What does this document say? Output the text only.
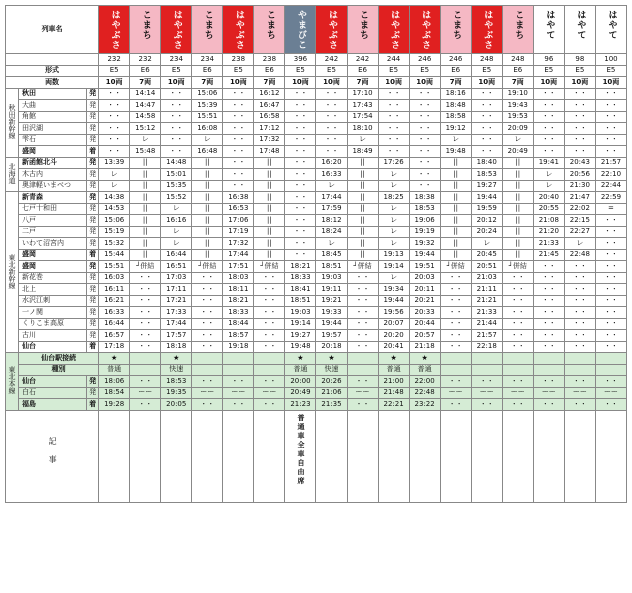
列車名			はやぶさ	こまち	はやぶさ	こまち	はやぶさ	こまち	やまびこ	はやぶさ	こまち	はやぶさ	はやぶさ	こまち	はやぶさ	こまち	はやて	はやて	はやて
			232	232	234	234	238	238	396	242	242	244	246	246	248	248	96	98	100
形式			E5	E6	E5	E6	E5	E6	E5	E5	E6	E5	E5	E6	E5	E6	E5	E5	E5
両数			10両	7両	10両	7両	10両	7両	10両	10両	7両	10両	10両	7両	10両	7両	10両	10両	10両
秋田新幹線	秋田	発	・・	14:14	・・	15:06	・・	16:12	・・	・・	17:10	・・	・・	18:16	・・	19:10	・・	・・	・・
	大曲	発	・・	14:47	・・	15:39	・・	16:47	・・	・・	17:43	・・	・・	18:48	・・	19:43	・・	・・	・・
	角館	発	・・	14:58	・・	15:51	・・	16:58	・・	・・	17:54	・・	・・	18:58	・・	19:53	・・	・・	・・
	田沢湖	発	・・	15:12	・・	16:08	・・	17:12	・・	・・	18:10	・・	・・	19:12	・・	20:09	・・	・・	・・
	雫石	発	・・	レ	・・	レ	・・	17:32	・・	・・	レ	・・	・・	レ	・・	レ	・・	・・	・・
	盛岡	着	・・	15:48	・・	16:48	・・	17:48	・・	・・	18:49	・・	・・	19:48	・・	20:49	・・	・・	・・
北海道	新函館北斗	発	13:39	||	14:48	||	・・	||	・・	16:20	||	17:26	・・	||	18:40	||	19:41	20:43	21:57
	木古内	発	レ	||	15:01	||	・・	||	・・	16:33	||	レ	・・	||	18:53	||	レ	20:56	22:10
	奥津軽いまべつ	発	レ	||	15:35	||	・・	||	・・	レ	||	レ	・・	||	19:27	||	レ	21:30	22:44
東北新幹線	新青森	発	14:38	||	15:52	||	16:38	||	・・	17:44	||	18:25	18:38	||	19:44	||	20:40	21:47	22:59
	七戸十和田	発	14:53	||	レ	||	16:53	||	・・	17:59	||	レ	18:53	||	19:59	||	20:55	22:02	=
	八戸	発	15:06	||	16:16	||	17:06	||	・・	18:12	||	レ	19:06	||	20:12	||	21:08	22:15	・・
	二戸	発	15:19	||	レ	||	17:19	||	・・	18:24	||	レ	19:19	||	20:24	||	21:20	22:27	・・
	いわて沼宮内	発	15:32	||	レ	||	17:32	||	・・	レ	||	レ	19:32	||	レ	||	21:33	レ	・・
	盛岡	着	15:44	||	16:44	||	17:44	||	・・	18:45	||	19:13	19:44	||	20:45	||	21:45	22:48	・・
	盛岡	発	15:51	┘併結	16:51	┘併結	17:51	┘併結	18:21	18:51	┘併結	19:14	19:51	┘併結	20:51	┘併結	・・	・・	・・
	新花巻	発	16:03	・・	17:03	・・	18:03	・・	18:33	19:03	・・	レ	20:03	・・	21:03	・・	・・	・・	・・
	北上	発	16:11	・・	17:11	・・	18:11	・・	18:41	19:11	・・	19:34	20:11	・・	21:11	・・	・・	・・	・・
	水沢江刺	発	16:21	・・	17:21	・・	18:21	・・	18:51	19:21	・・	19:44	20:21	・・	21:21	・・	・・	・・	・・
	一ノ関	発	16:33	・・	17:33	・・	18:33	・・	19:03	19:33	・・	19:56	20:33	・・	21:33	・・	・・	・・	・・
	くりこま高原	発	16:44	・・	17:44	・・	18:44	・・	19:14	19:44	・・	20:07	20:44	・・	21:44	・・	・・	・・	・・
	古川	発	16:57	・・	17:57	・・	18:57	・・	19:27	19:57	・・	20:20	20:57	・・	21:57	・・	・・	・・	・・
	仙台	着	17:18	・・	18:18	・・	19:18	・・	19:48	20:18	・・	20:41	21:18	・・	22:18	・・	・・	・・	・・
東北本線	仙台駅接続		★		★				★	★		★	★						
	種別		普通		快速				普通	快速		普通	普通						
	仙台	発	18:06	・・	18:53	・・	・・	・・	20:00	20:26	・・	21:00	22:00	・・	・・	・・	・・	・・	・・
	白石	発	18:54	ーー	19:35	ーー	ーー	ーー	20:49	21:06	ーー	21:48	22:48	ーー	ーー	ーー	ーー	ーー	ーー
	福島	着	19:28	・・	20:05	・・	・・	・・	21:23	21:35	・・	22:21	23:22	・・	・・	・・	・・	・・	・・
記事									普通車全車自由席										
